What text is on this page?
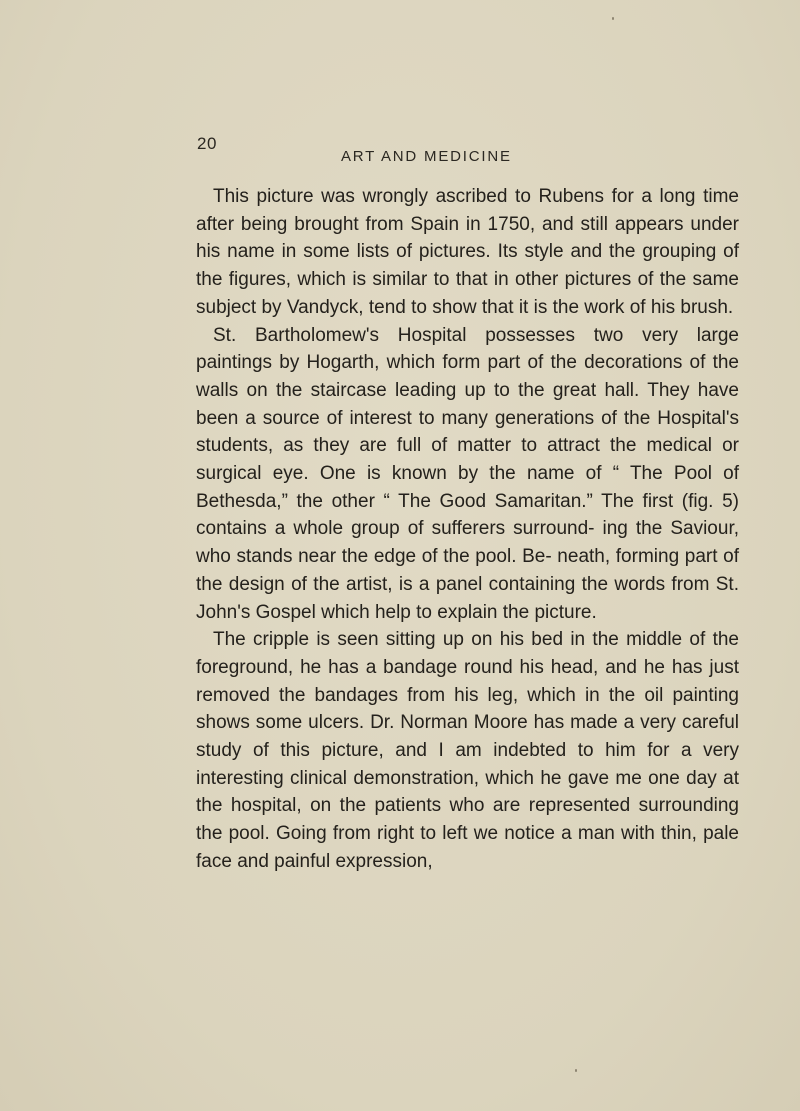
20
ART AND MEDICINE

This picture was wrongly ascribed to Rubens for a long time after being brought from Spain in 1750, and still appears under his name in some lists of pictures. Its style and the grouping of the figures, which is similar to that in other pictures of the same subject by Vandyck, tend to show that it is the work of his brush.

St. Bartholomew's Hospital possesses two very large paintings by Hogarth, which form part of the decorations of the walls on the staircase leading up to the great hall. They have been a source of interest to many generations of the Hospital's students, as they are full of matter to attract the medical or surgical eye. One is known by the name of “ The Pool of Bethesda,” the other “ The Good Samaritan.” The first (fig. 5) contains a whole group of sufferers surround- ing the Saviour, who stands near the edge of the pool. Be- neath, forming part of the design of the artist, is a panel containing the words from St. John's Gospel which help to explain the picture.

The cripple is seen sitting up on his bed in the middle of the foreground, he has a bandage round his head, and he has just removed the bandages from his leg, which in the oil painting shows some ulcers. Dr. Norman Moore has made a very careful study of this picture, and I am indebted to him for a very interesting clinical demonstration, which he gave me one day at the hospital, on the patients who are represented surrounding the pool. Going from right to left we notice a man with thin, pale face and painful expression,
